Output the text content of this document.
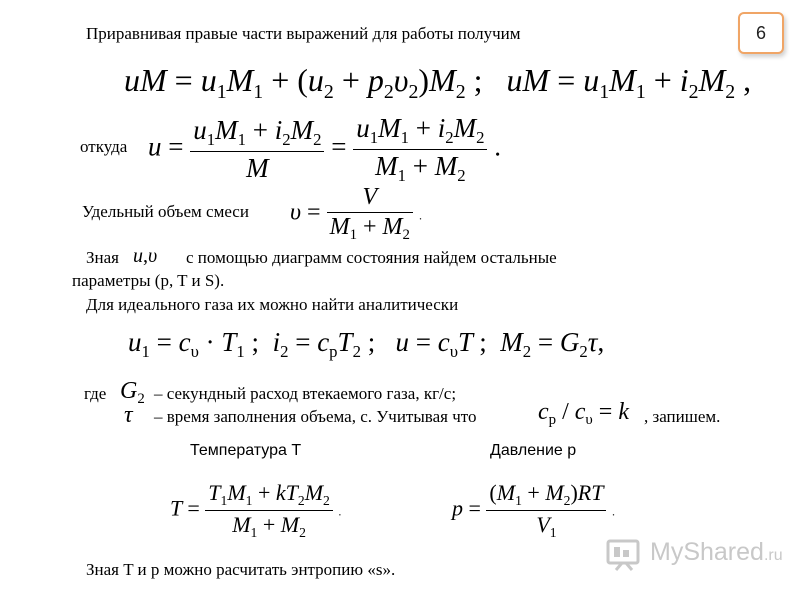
6
Приравнивая правые части выражений для работы получим
uM = $u_1M_1 + (u_2 + p_2\upsilon_2)M_2$ ;   uM = $u_1M_1 + i_2M_2$ ,
откуда $u = \frac{u_1M_1 + i_2M_2}{M} = \frac{u_1M_1 + i_2M_2}{M_1 + M_2}$ .
Удельный объем смеси $\upsilon = \frac{V}{M_1 + M_2}$ .
Зная u,υ с помощью диаграмм состояния найдем остальные
параметры (p, T и S).
Для идеального газа их можно найти аналитически
$u_1 = c_\upsilon \cdot T_1$ ;  $i_2 = c_pT_2$ ;   $u = c_\upsilon T$ ;  $M_2 = G_2\tau$,
где $G_2$ – секундный расход втекаемого газа, кг/с;
τ – время заполнения объема, с. Учитывая что	$c_p / c_\upsilon = k$ , запишем.
Температура T	Давление p
$T = \frac{T_1M_1 + kT_2M_2}{M_1 + M_2}$ .	$p = \frac{(M_1 + M_2)RT}{V_1}$ .
Зная T и p можно расчитать энтропию «s».
MyShared.ru
